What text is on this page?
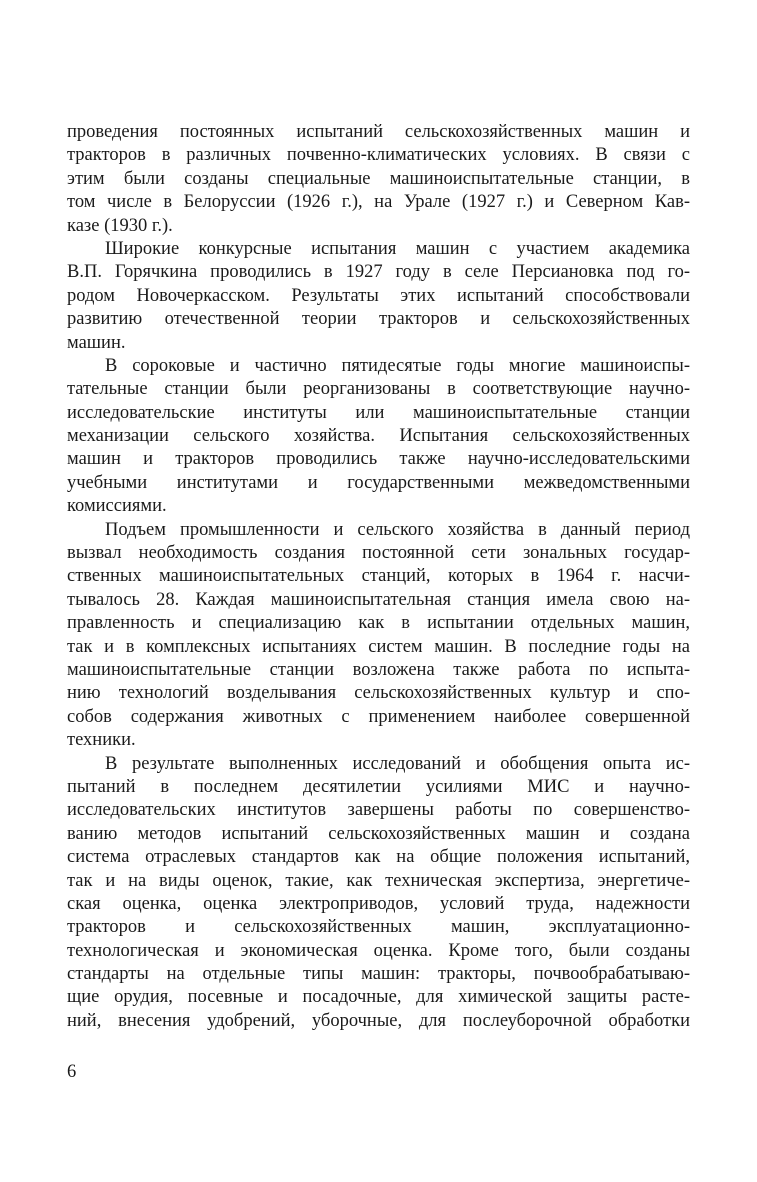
проведения постоянных испытаний сельскохозяйственных машин и
тракторов в различных почвенно-климатических условиях. В связи с
этим были созданы специальные машиноиспытательные станции, в
том числе в Белоруссии (1926 г.), на Урале (1927 г.) и Северном Кав-
казе (1930 г.).
Широкие конкурсные испытания машин с участием академика
В.П. Горячкина проводились в 1927 году в селе Персиановка под го-
родом Новочеркасском. Результаты этих испытаний способствовали
развитию отечественной теории тракторов и сельскохозяйственных
машин.
В сороковые и частично пятидесятые годы многие машиноиспы-
тательные станции были реорганизованы в соответствующие научно-
исследовательские институты или машиноиспытательные станции
механизации сельского хозяйства. Испытания сельскохозяйственных
машин и тракторов проводились также научно-исследовательскими
учебными институтами и государственными межведомственными
комиссиями.
Подъем промышленности и сельского хозяйства в данный период
вызвал необходимость создания постоянной сети зональных государ-
ственных машиноиспытательных станций, которых в 1964 г. насчи-
тывалось 28. Каждая машиноиспытательная станция имела свою на-
правленность и специализацию как в испытании отдельных машин,
так и в комплексных испытаниях систем машин. В последние годы на
машиноиспытательные станции возложена также работа по испыта-
нию технологий возделывания сельскохозяйственных культур и спо-
собов содержания животных с применением наиболее совершенной
техники.
В результате выполненных исследований и обобщения опыта ис-
пытаний в последнем десятилетии усилиями МИС и научно-
исследовательских институтов завершены работы по совершенство-
ванию методов испытаний сельскохозяйственных машин и создана
система отраслевых стандартов как на общие положения испытаний,
так и на виды оценок, такие, как техническая экспертиза, энергетиче-
ская оценка, оценка электроприводов, условий труда, надежности
тракторов и сельскохозяйственных машин, эксплуатационно-
технологическая и экономическая оценка. Кроме того, были созданы
стандарты на отдельные типы машин: тракторы, почвообрабатываю-
щие орудия, посевные и посадочные, для химической защиты расте-
ний, внесения удобрений, уборочные, для послеуборочной обработки
6
